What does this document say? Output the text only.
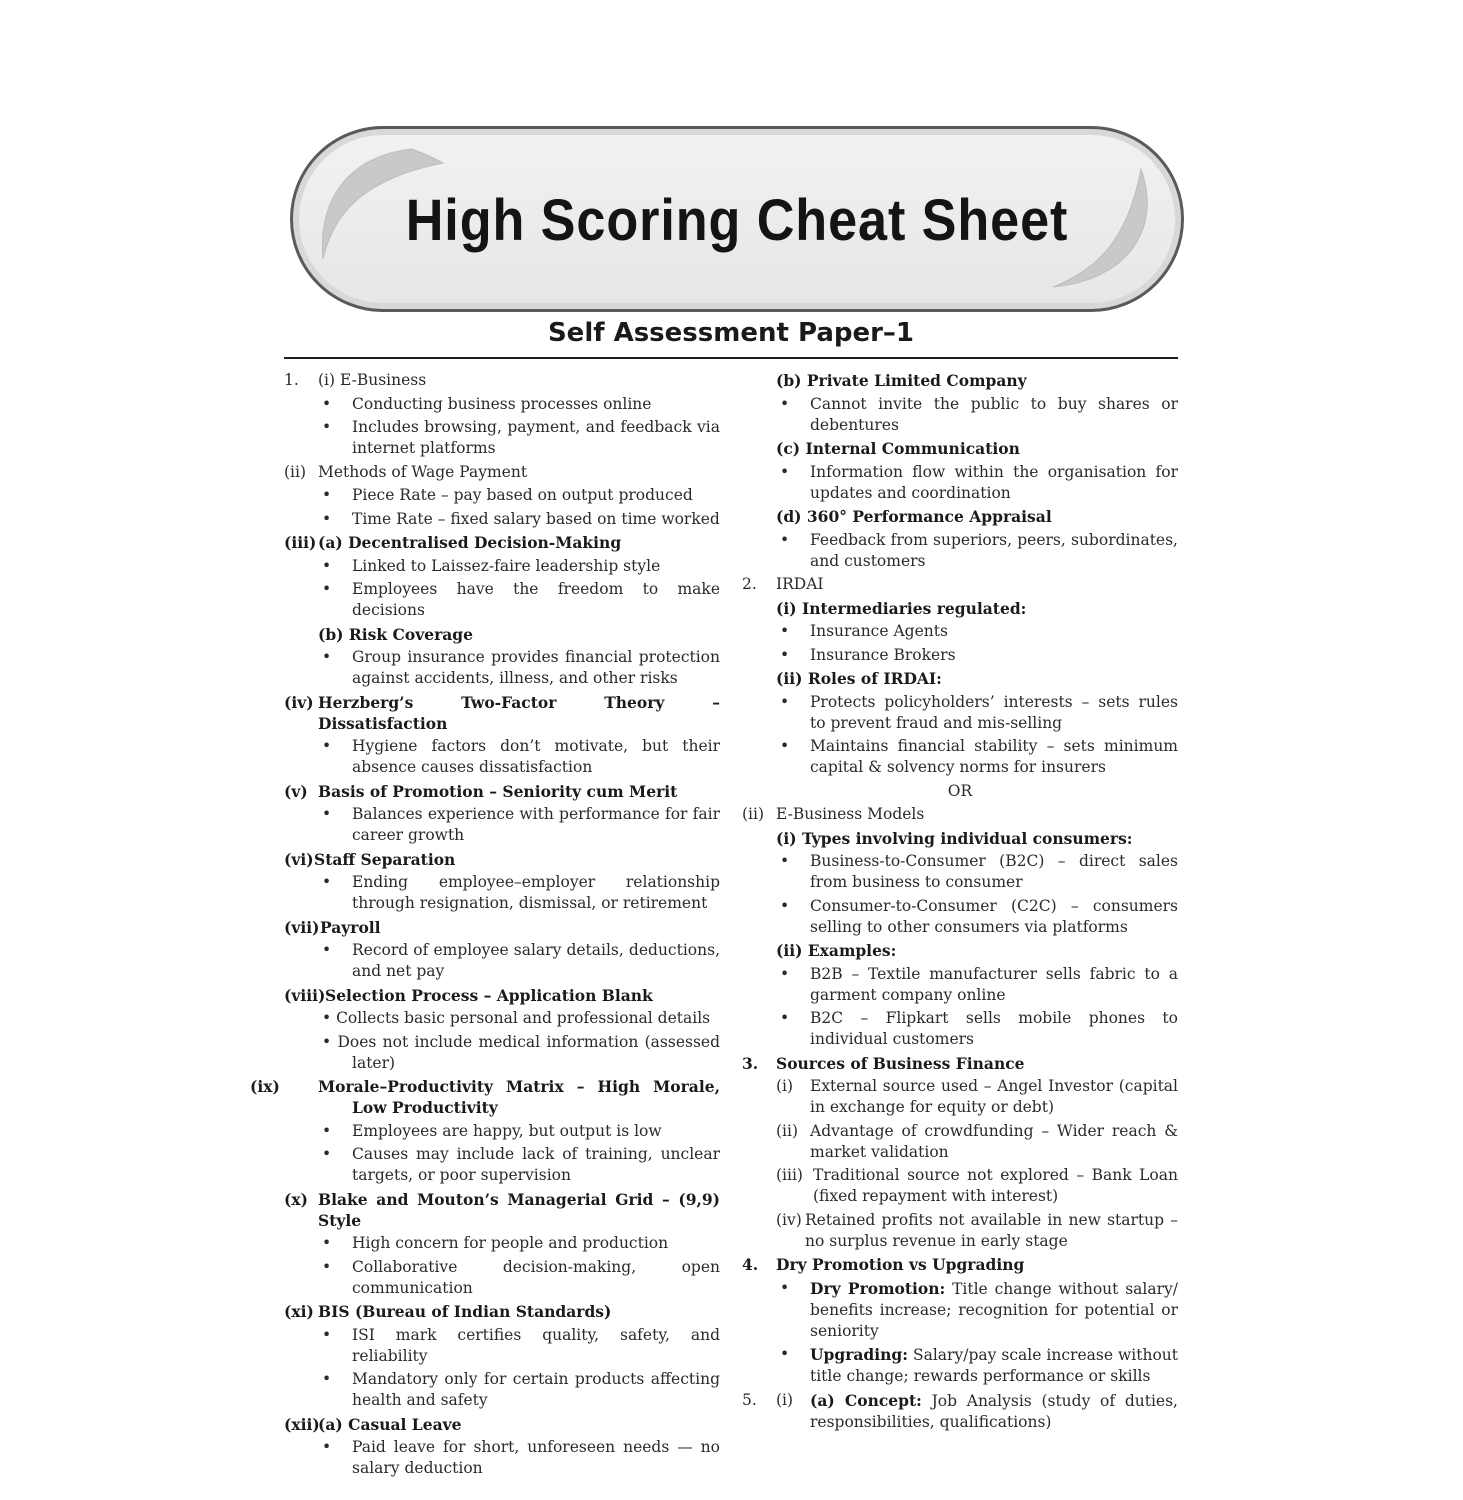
High Scoring Cheat Sheet
Self Assessment Paper–1
1. (i) E-Business
• Conducting business processes online
• Includes browsing, payment, and feedback via internet platforms
(ii) Methods of Wage Payment
• Piece Rate – pay based on output produced
• Time Rate – fixed salary based on time worked
(iii) (a) Decentralised Decision-Making
• Linked to Laissez-faire leadership style
• Employees have the freedom to make decisions
(b) Risk Coverage
• Group insurance provides financial protection against accidents, illness, and other risks
(iv) Herzberg’s Two-Factor Theory – Dissatisfaction
• Hygiene factors don’t motivate, but their absence causes dissatisfaction
(v) Basis of Promotion – Seniority cum Merit
• Balances experience with performance for fair career growth
(vi) Staff Separation
• Ending employee–employer relationship through resignation, dismissal, or retirement
(vii) Payroll
• Record of employee salary details, deductions, and net pay
(viii) Selection Process – Application Blank
• Collects basic personal and professional details
• Does not include medical information (assessed later)
(ix) Morale–Productivity Matrix – High Morale, Low Productivity
• Employees are happy, but output is low
• Causes may include lack of training, unclear targets, or poor supervision
(x) Blake and Mouton’s Managerial Grid – (9,9) Style
• High concern for people and production
• Collaborative decision-making, open communication
(xi) BIS (Bureau of Indian Standards)
• ISI mark certifies quality, safety, and reliability
• Mandatory only for certain products affecting health and safety
(xii)
(a) Casual Leave
• Paid leave for short, unforeseen needs — no salary deduction
(b) Private Limited Company
• Cannot invite the public to buy shares or debentures
(c) Internal Communication
• Information flow within the organisation for updates and coordination
(d) 360° Performance Appraisal
• Feedback from superiors, peers, subordinates, and customers
2. IRDAI
(i) Intermediaries regulated:
• Insurance Agents
• Insurance Brokers
(ii) Roles of IRDAI:
• Protects policyholders’ interests – sets rules to prevent fraud and mis-selling
• Maintains financial stability – sets minimum capital & solvency norms for insurers
OR
(ii) E-Business Models
(i) Types involving individual consumers:
• Business-to-Consumer (B2C) – direct sales from business to consumer
• Consumer-to-Consumer (C2C) – consumers selling to other consumers via platforms
(ii) Examples:
• B2B – Textile manufacturer sells fabric to a garment company online
• B2C – Flipkart sells mobile phones to individual customers
3. Sources of Business Finance
(i) External source used – Angel Investor (capital in exchange for equity or debt)
(ii) Advantage of crowdfunding – Wider reach & market validation
(iii) Traditional source not explored – Bank Loan (fixed repayment with interest)
(iv) Retained profits not available in new startup – no surplus revenue in early stage
4. Dry Promotion vs Upgrading
• Dry Promotion: Title change without salary/ benefits increase; recognition for potential or seniority
• Upgrading: Salary/pay scale increase without title change; rewards performance or skills
5. (i) (a) Concept: Job Analysis (study of duties, responsibilities, qualifications)
